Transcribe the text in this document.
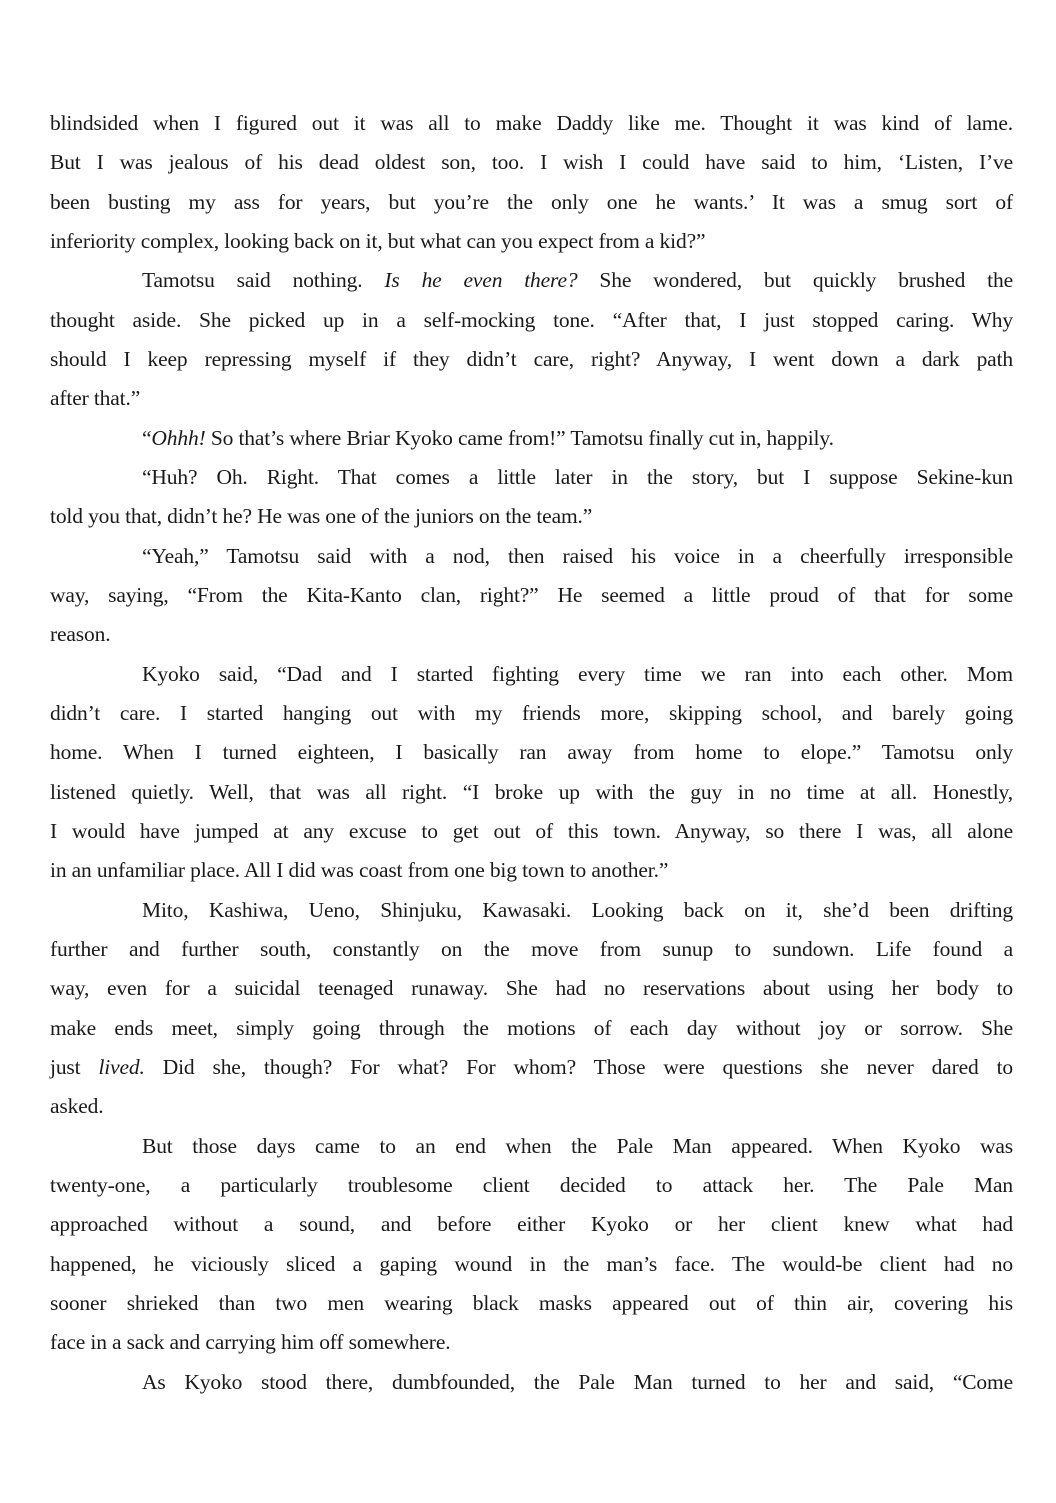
blindsided when I figured out it was all to make Daddy like me. Thought it was kind of lame.
But I was jealous of his dead oldest son, too. I wish I could have said to him, ‘Listen, I’ve
been busting my ass for years, but you’re the only one he wants.’ It was a smug sort of
inferiority complex, looking back on it, but what can you expect from a kid?”
Tamotsu said nothing. Is he even there? She wondered, but quickly brushed the
thought aside. She picked up in a self-mocking tone. “After that, I just stopped caring. Why
should I keep repressing myself if they didn’t care, right? Anyway, I went down a dark path
after that.”
“Ohhh! So that’s where Briar Kyoko came from!” Tamotsu finally cut in, happily.
“Huh? Oh. Right. That comes a little later in the story, but I suppose Sekine-kun
told you that, didn’t he? He was one of the juniors on the team.”
“Yeah,” Tamotsu said with a nod, then raised his voice in a cheerfully irresponsible
way, saying, “From the Kita-Kanto clan, right?” He seemed a little proud of that for some
reason.
Kyoko said, “Dad and I started fighting every time we ran into each other. Mom
didn’t care. I started hanging out with my friends more, skipping school, and barely going
home. When I turned eighteen, I basically ran away from home to elope.” Tamotsu only
listened quietly. Well, that was all right. “I broke up with the guy in no time at all. Honestly,
I would have jumped at any excuse to get out of this town. Anyway, so there I was, all alone
in an unfamiliar place. All I did was coast from one big town to another.”
Mito, Kashiwa, Ueno, Shinjuku, Kawasaki. Looking back on it, she’d been drifting
further and further south, constantly on the move from sunup to sundown. Life found a
way, even for a suicidal teenaged runaway. She had no reservations about using her body to
make ends meet, simply going through the motions of each day without joy or sorrow. She
just lived. Did she, though? For what? For whom? Those were questions she never dared to
asked.
But those days came to an end when the Pale Man appeared. When Kyoko was
twenty-one, a particularly troublesome client decided to attack her. The Pale Man
approached without a sound, and before either Kyoko or her client knew what had
happened, he viciously sliced a gaping wound in the man’s face. The would-be client had no
sooner shrieked than two men wearing black masks appeared out of thin air, covering his
face in a sack and carrying him off somewhere.
As Kyoko stood there, dumbfounded, the Pale Man turned to her and said, “Come
